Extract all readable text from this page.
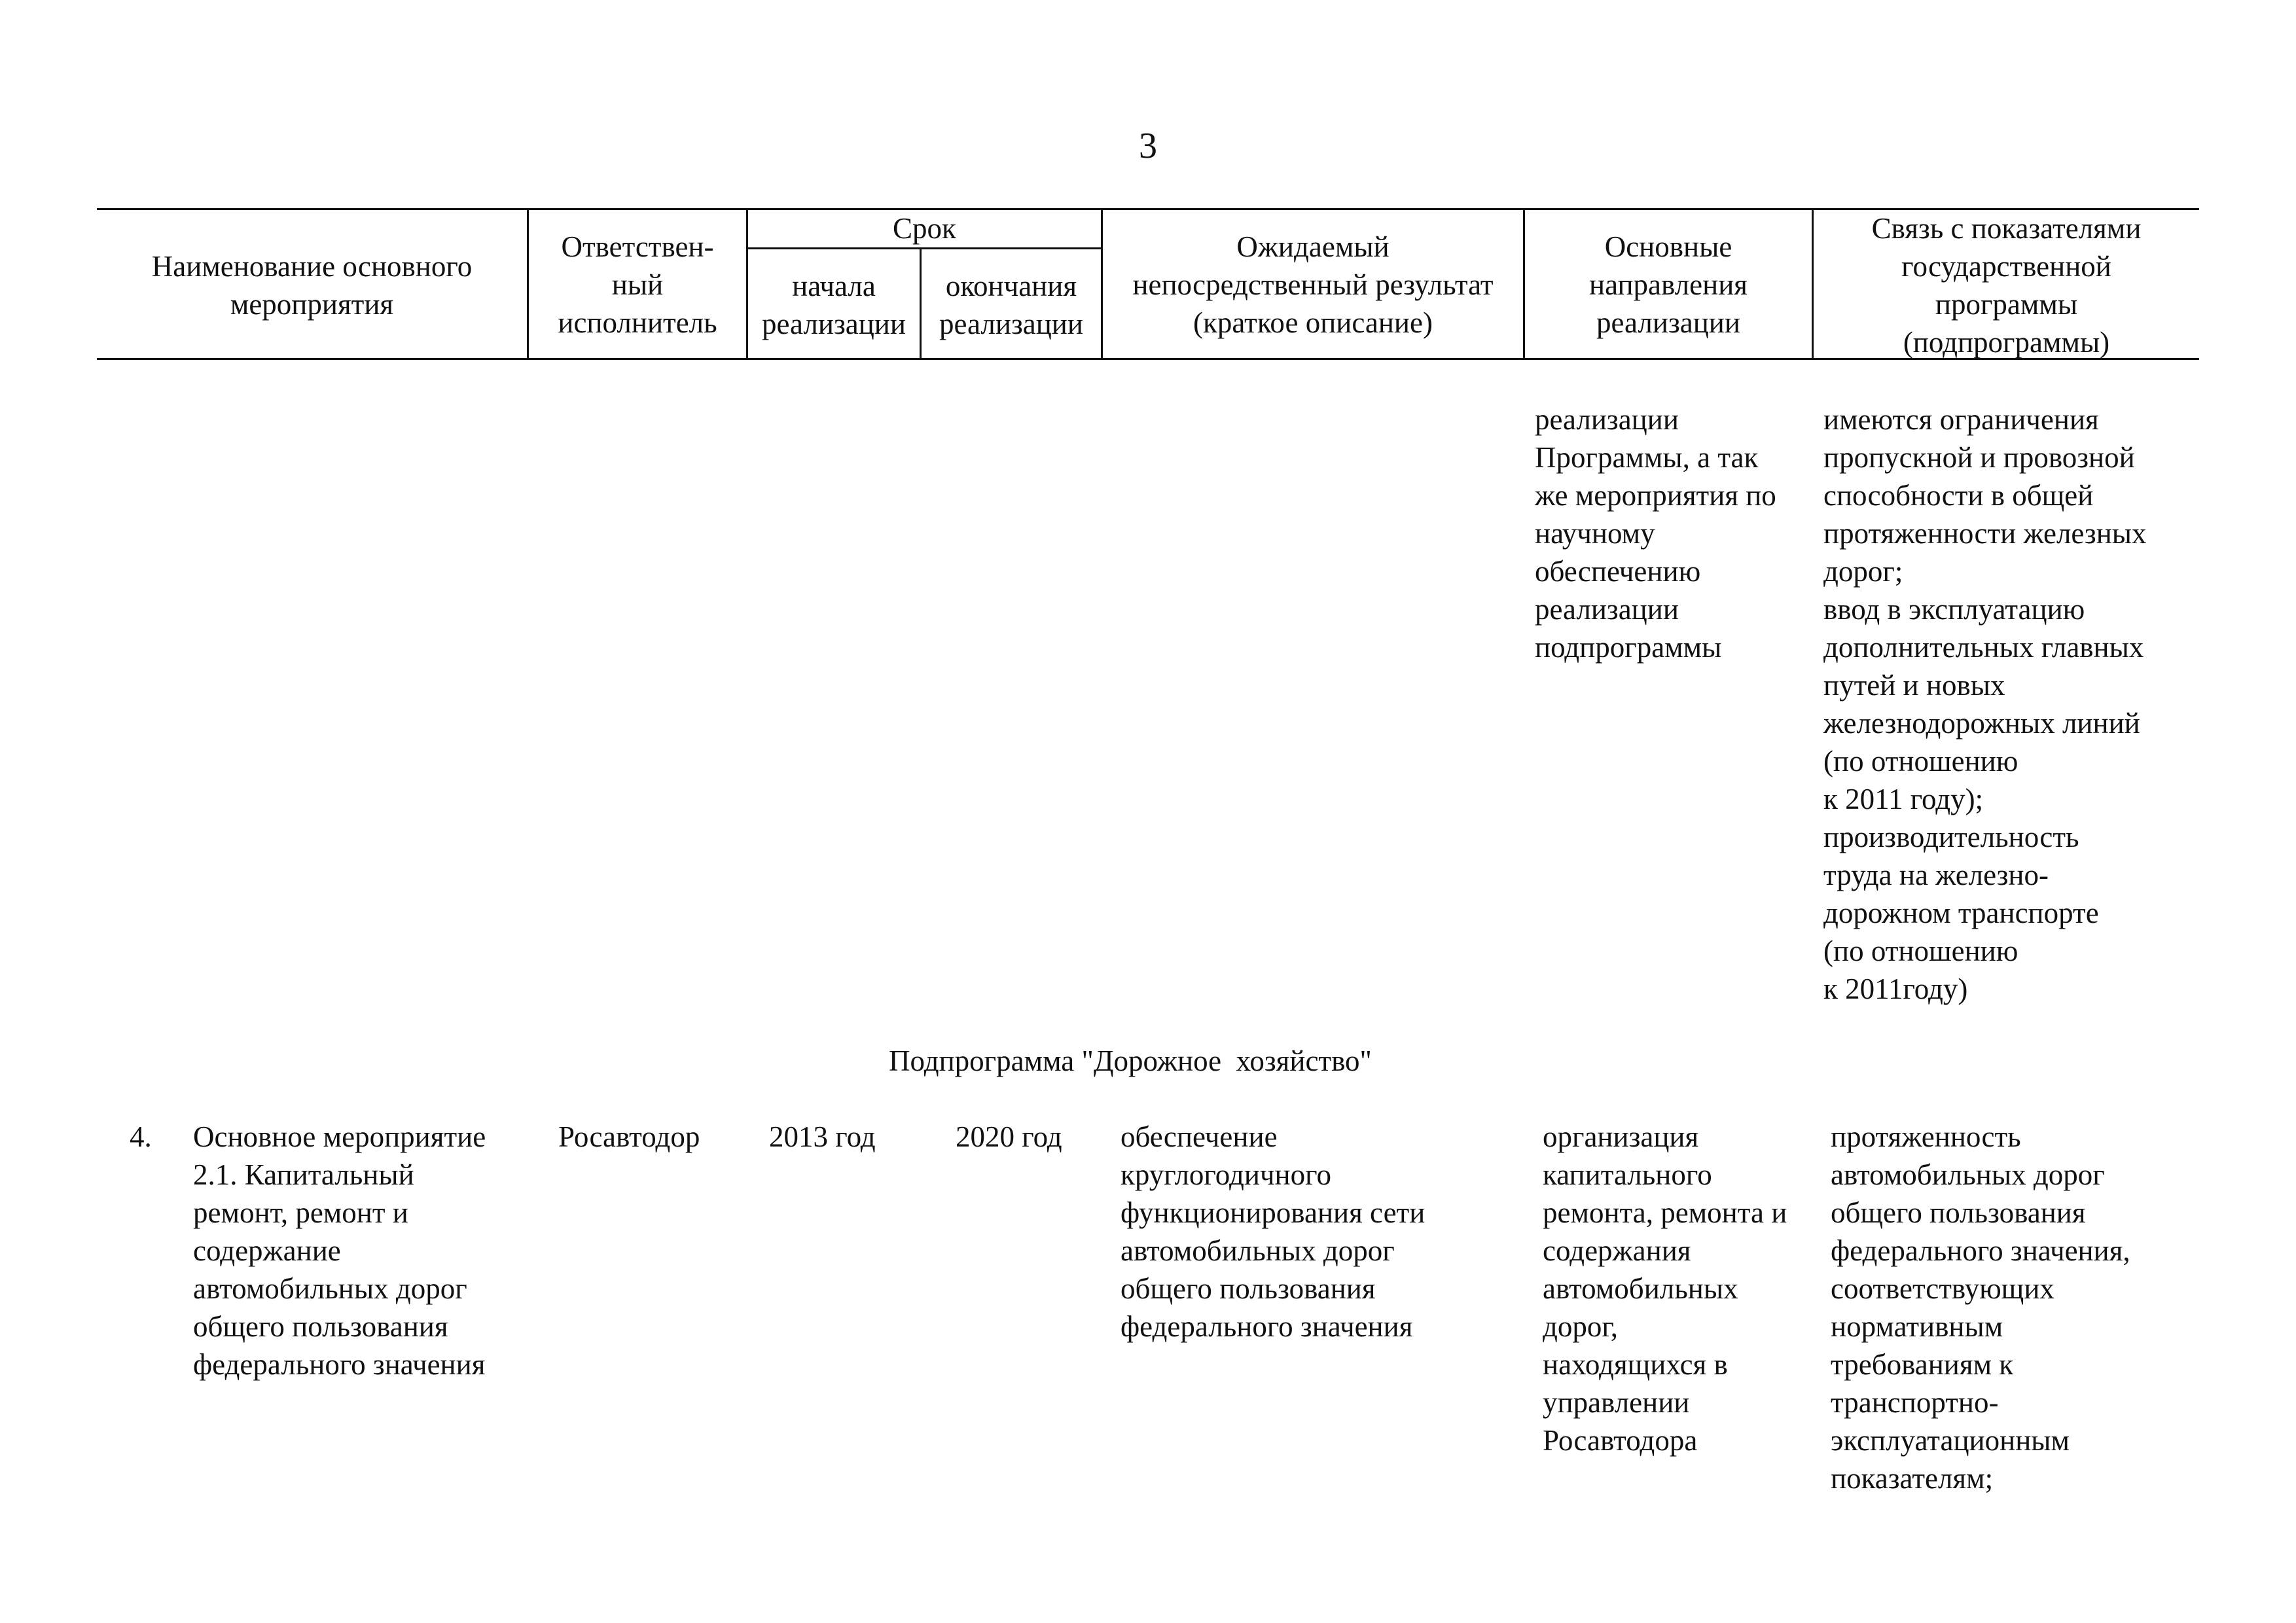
3
Наименование основного
мероприятия
Ответствен-
ный
исполнитель
Срок
начала
реализации
окончания
реализации
Ожидаемый
непосредственный результат
(краткое описание)
Основные
направления
реализации
Связь с показателями
государственной
программы
(подпрограммы)
реализации
Программы, а так
же мероприятия по
научному
обеспечению
реализации
подпрограммы
имеются ограничения
пропускной и провозной
способности в общей
протяженности железных
дорог;
ввод в эксплуатацию
дополнительных главных
путей и новых
железнодорожных линий
(по отношению
к 2011 году);
производительность
труда на железно-
дорожном транспорте
(по отношению
к 2011году)
Подпрограмма "Дорожное  хозяйство"
4. Основное мероприятие
2.1. Капитальный
ремонт, ремонт и
содержание
автомобильных дорог
общего пользования
федерального значения
Росавтодор 2013 год	2020 год обеспечение
круглогодичного
функционирования сети
автомобильных дорог
общего пользования
федерального значения
организация
капитального
ремонта, ремонта и
содержания
автомобильных
дорог,
находящихся в
управлении
Росавтодора
протяженность
автомобильных дорог
общего пользования
федерального значения,
соответствующих
нормативным
требованиям к
транспортно-
эксплуатационным
показателям;
